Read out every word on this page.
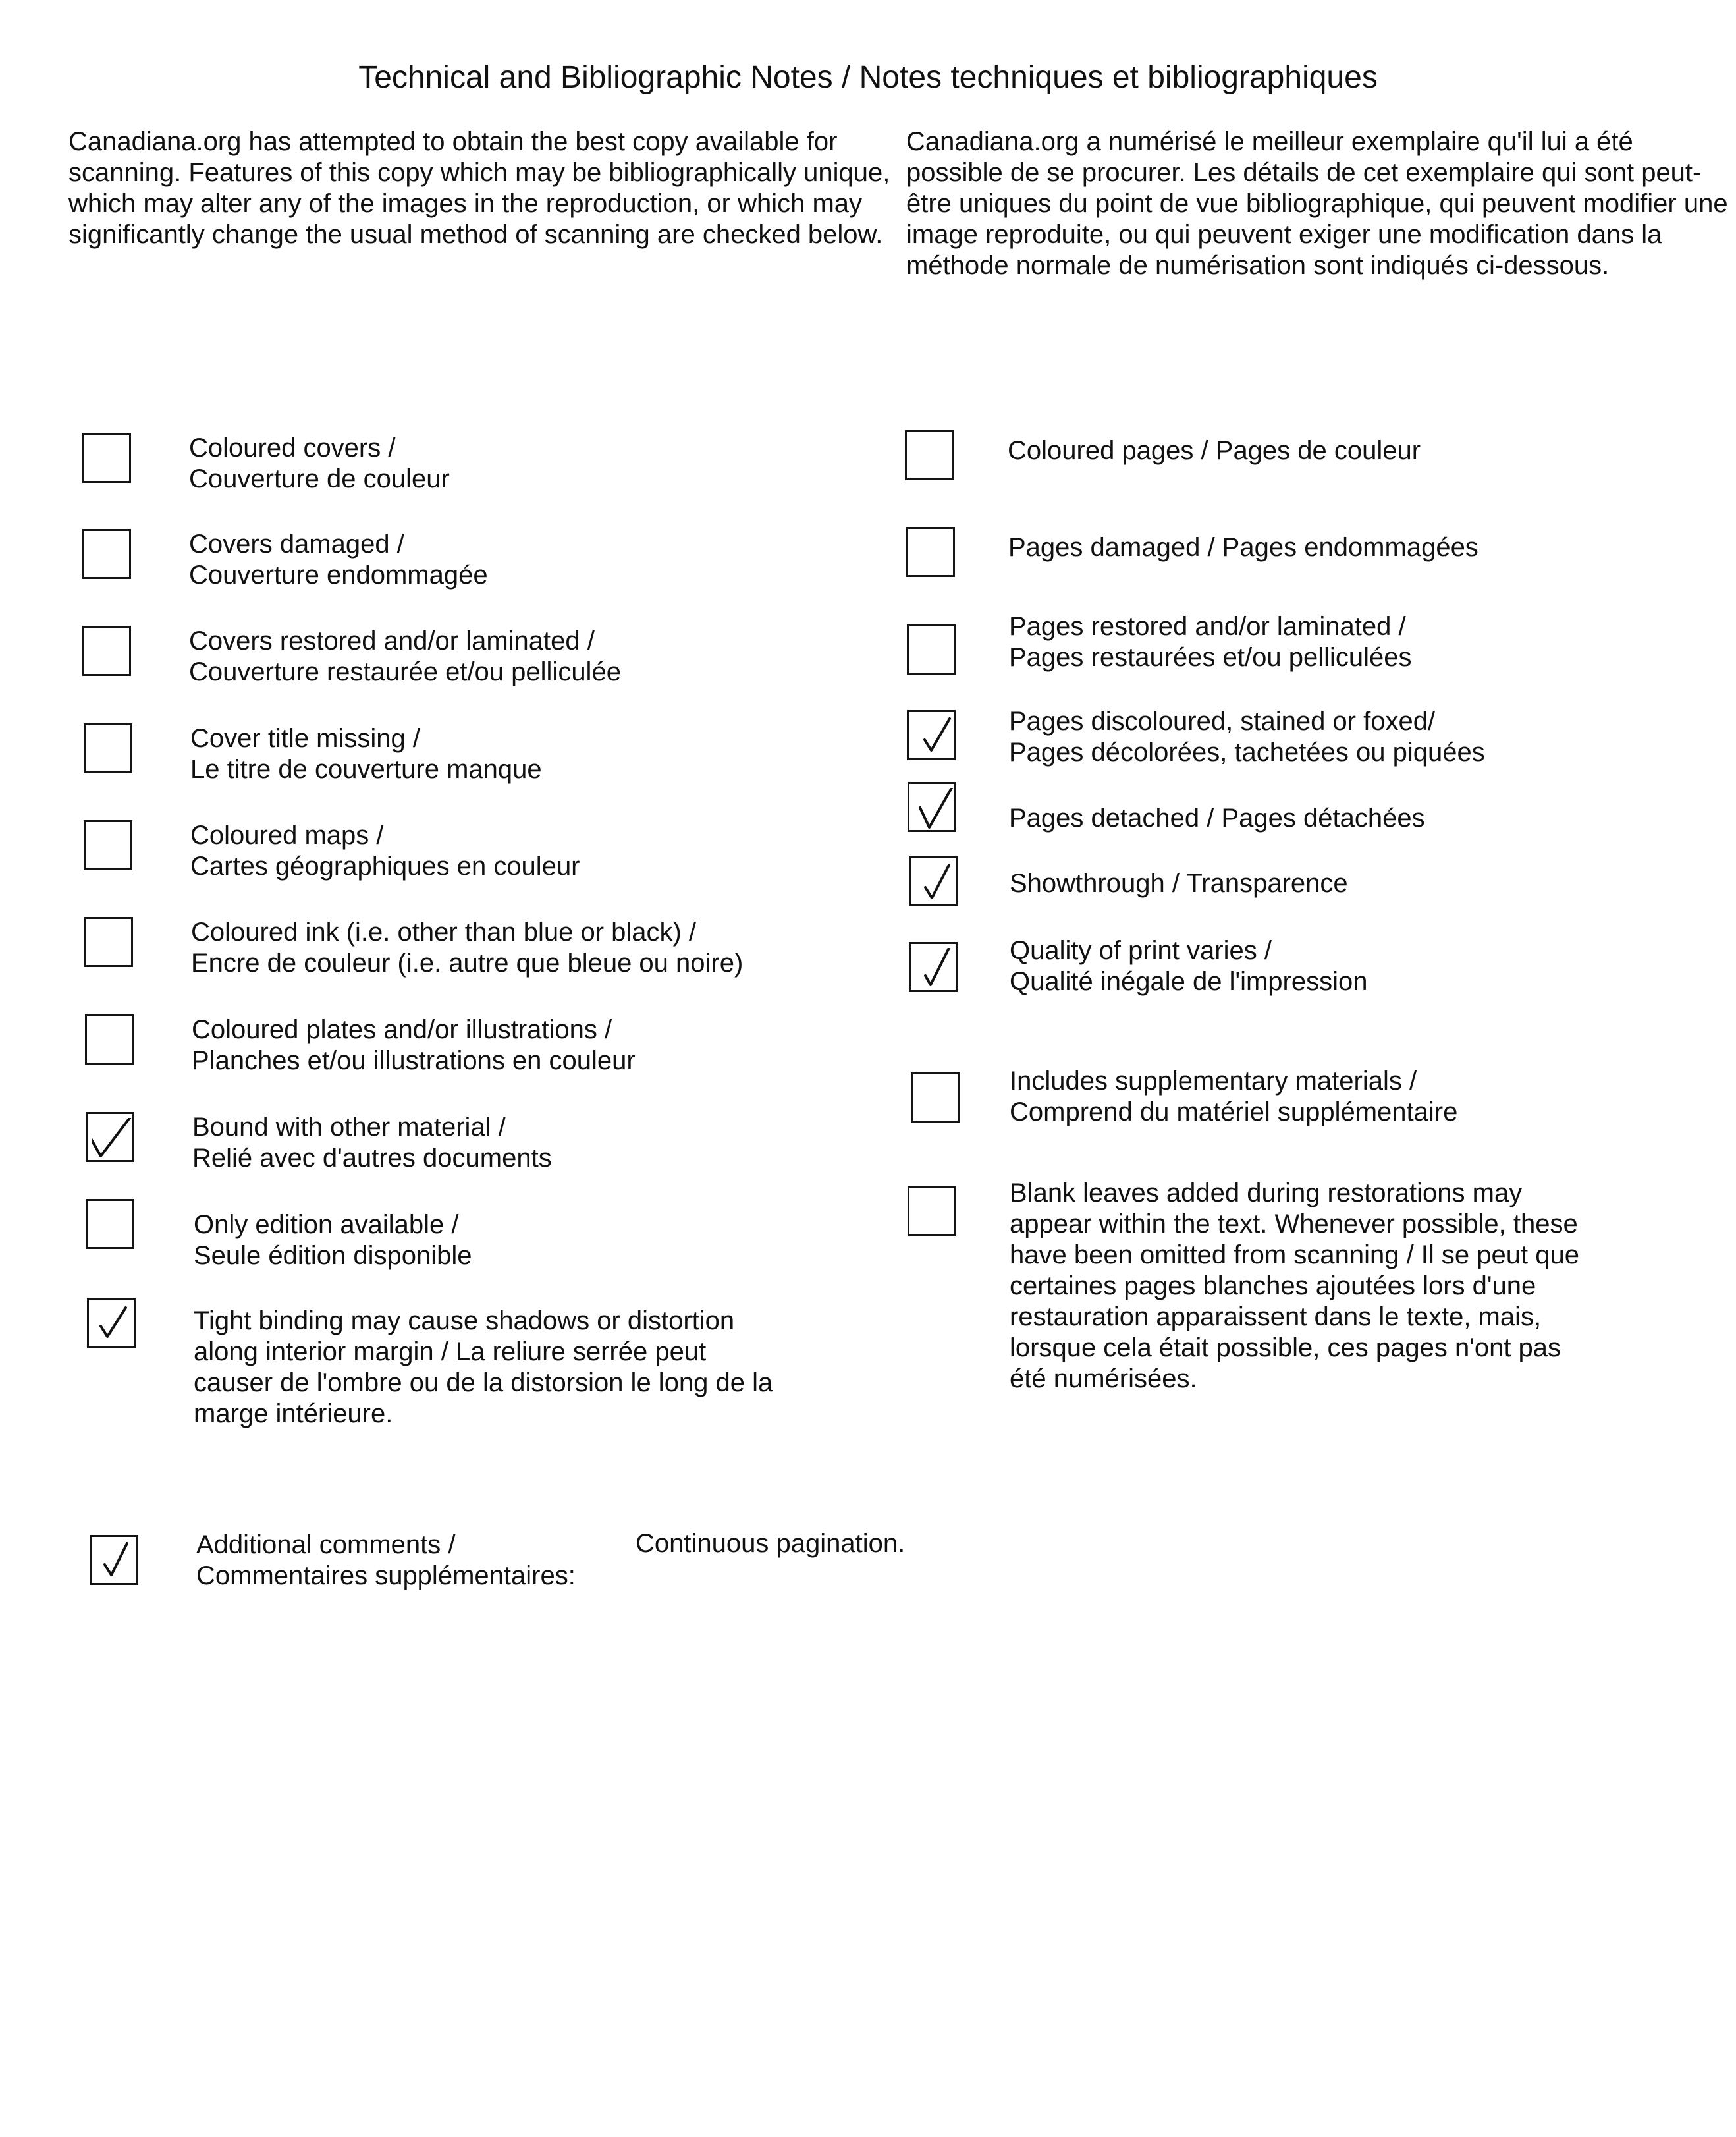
Technical and Bibliographic Notes / Notes techniques et bibliographiques
Canadiana.org has attempted to obtain the best copy available for scanning. Features of this copy which may be bibliographically unique, which may alter any of the images in the reproduction, or which may significantly change the usual method of scanning are checked below.
Canadiana.org a numérisé le meilleur exemplaire qu'il lui a été possible de se procurer. Les détails de cet exemplaire qui sont peut-être uniques du point de vue bibliographique, qui peuvent modifier une image reproduite, ou qui peuvent exiger une modification dans la méthode normale de numérisation sont indiqués ci-dessous.
Coloured covers /
Couverture de couleur
Covers damaged /
Couverture endommagée
Covers restored and/or laminated /
Couverture restaurée et/ou pelliculée
Cover title missing /
Le titre de couverture manque
Coloured maps /
Cartes géographiques en couleur
Coloured ink (i.e. other than blue or black) /
Encre de couleur (i.e. autre que bleue ou noire)
Coloured plates and/or illustrations /
Planches et/ou illustrations en couleur
Bound with other material /
Relié avec d'autres documents
Only edition available /
Seule édition disponible
Tight binding may cause shadows or distortion
along interior margin / La reliure serrée peut
causer de l'ombre ou de la distorsion le long de la
marge intérieure.
Coloured pages / Pages de couleur
Pages damaged / Pages endommagées
Pages restored and/or laminated /
Pages restaurées et/ou pelliculées
Pages discoloured, stained or foxed/
Pages décolorées, tachetées ou piquées
Pages detached / Pages détachées
Showthrough / Transparence
Quality of print varies /
Qualité inégale de l'impression
Includes supplementary materials /
Comprend du matériel supplémentaire
Blank leaves added during restorations may
appear within the text. Whenever possible, these
have been omitted from scanning / Il se peut que
certaines pages blanches ajoutées lors d'une
restauration apparaissent dans le texte, mais,
lorsque cela était possible, ces pages n'ont pas
été numérisées.
Additional comments /
Commentaires supplémentaires:
Continuous pagination.
